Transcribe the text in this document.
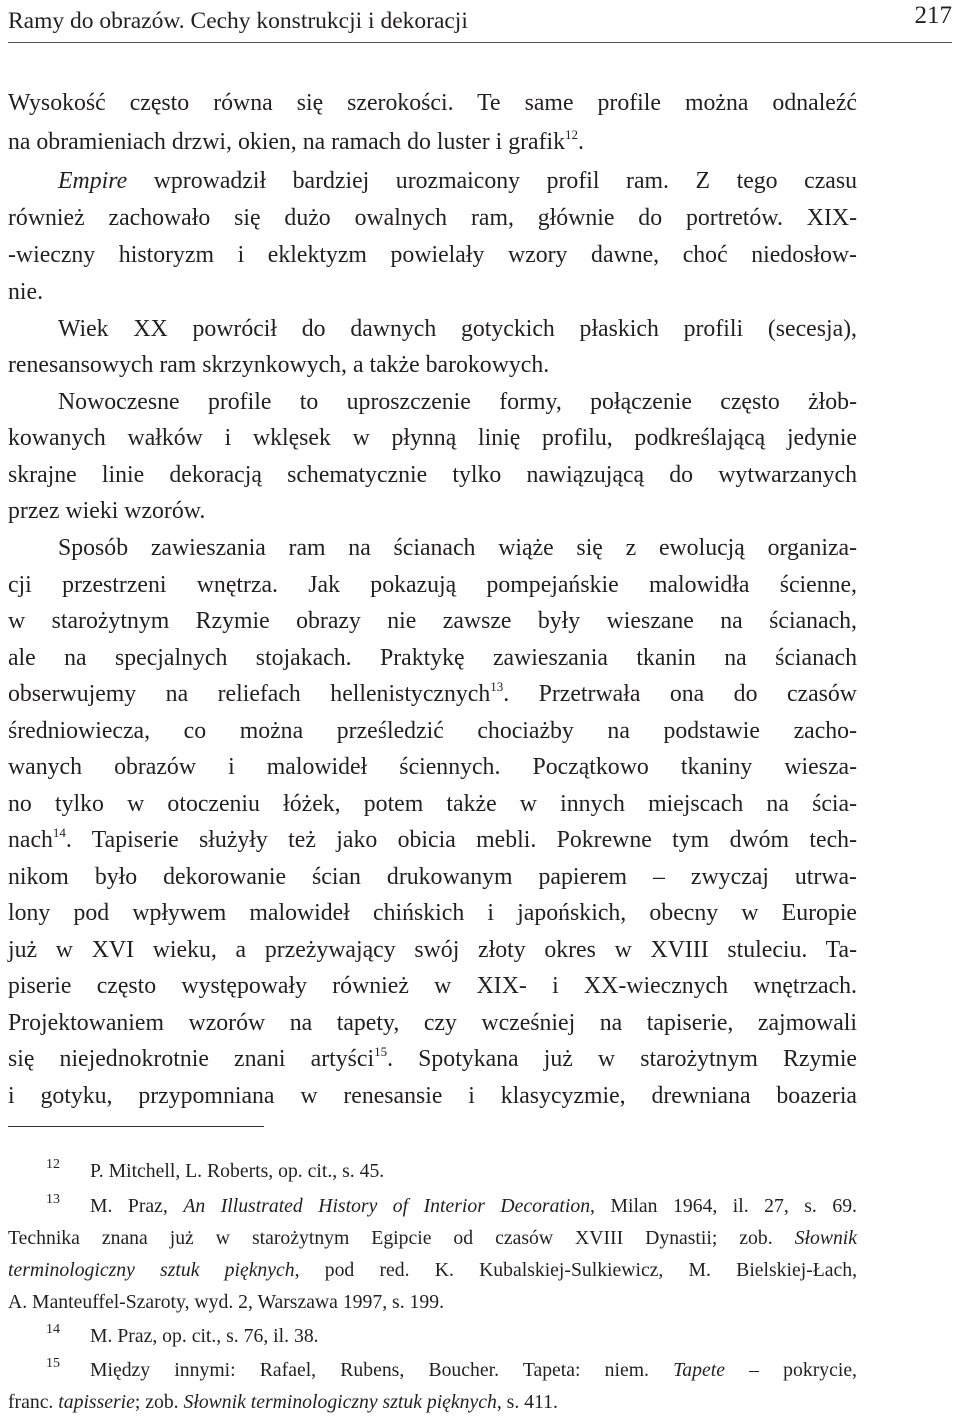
Ramy do obrazów. Cechy konstrukcji i dekoracji	217
Wysokość często równa się szerokości. Te same profile można odnaleźć
na obramieniach drzwi, okien, na ramach do luster i grafik$^{12}$.
Empire wprowadził bardziej urozmaicony profil ram. Z tego czasu
również zachowało się dużo owalnych ram, głównie do portretów. XIX-
-wieczny historyzm i eklektyzm powielały wzory dawne, choć niedosłow-
nie.
Wiek XX powrócił do dawnych gotyckich płaskich profili (secesja),
renesansowych ram skrzynkowych, a także barokowych.
Nowoczesne profile to uproszczenie formy, połączenie często żłob-
kowanych wałków i wklęsek w płynną linię profilu, podkreślającą jedynie
skrajne linie dekoracją schematycznie tylko nawiązującą do wytwarzanych
przez wieki wzorów.
Sposób zawieszania ram na ścianach wiąże się z ewolucją organiza-
cji przestrzeni wnętrza. Jak pokazują pompejańskie malowidła ścienne,
w starożytnym Rzymie obrazy nie zawsze były wieszane na ścianach,
ale na specjalnych stojakach. Praktykę zawieszania tkanin na ścianach
obserwujemy na reliefach hellenistycznych$^{13}$. Przetrwała ona do czasów
średniowiecza, co można prześledzić chociażby na podstawie zacho-
wanych obrazów i malowideł ściennych. Początkowo tkaniny wiesza-
no tylko w otoczeniu łóżek, potem także w innych miejscach na ścia-
nach$^{14}$. Tapiserie służyły też jako obicia mebli. Pokrewne tym dwóm tech-
nikom było dekorowanie ścian drukowanym papierem – zwyczaj utrwa-
lony pod wpływem malowideł chińskich i japońskich, obecny w Europie
już w XVI wieku, a przeżywający swój złoty okres w XVIII stuleciu. Ta-
piserie często występowały również w XIX- i XX-wiecznych wnętrzach.
Projektowaniem wzorów na tapety, czy wcześniej na tapiserie, zajmowali
się niejednokrotnie znani artyści$^{15}$. Spotykana już w starożytnym Rzymie
i gotyku, przypomniana w renesansie i klasycyzmie, drewniana boazeria
12 P. Mitchell, L. Roberts, op. cit., s. 45.
13 M. Praz, An Illustrated History of Interior Decoration, Milan 1964, il. 27, s. 69.
Technika znana już w starożytnym Egipcie od czasów XVIII Dynastii; zob. Słownik
terminologiczny sztuk pięknych, pod red. K. Kubalskiej-Sulkiewicz, M. Bielskiej-Łach,
A. Manteuffel-Szaroty, wyd. 2, Warszawa 1997, s. 199.
14 M. Praz, op. cit., s. 76, il. 38.
15 Między innymi: Rafael, Rubens, Boucher. Tapeta: niem. Tapete – pokrycie,
franc. tapisserie; zob. Słownik terminologiczny sztuk pięknych, s. 411.
